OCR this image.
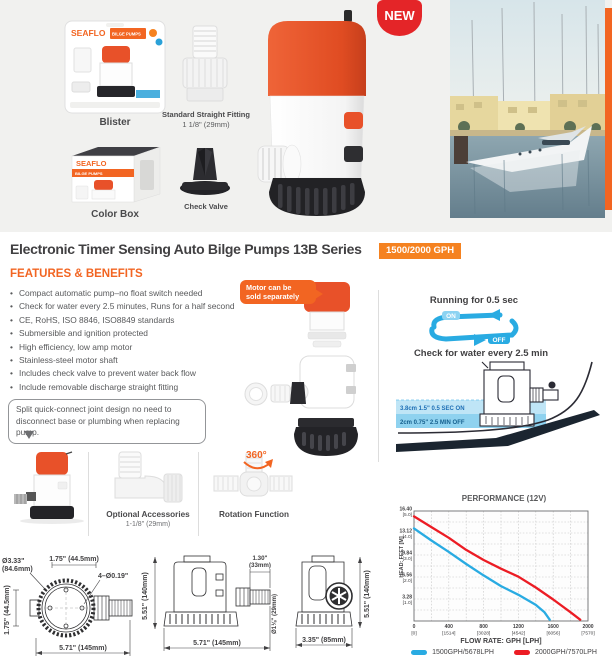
SEAFLO BILGE PUMPS
Blister
SEAFLO
BILGE PUMPS
Color Box
Standard Straight Fitting
1 1/8" (29mm)
Check Valve
NEW
Electronic Timer Sensing Auto Bilge Pumps 13B Series	1500/2000 GPH
FEATURES & BENEFITS
• Compact automatic pump–no float switch needed
• Check for water every 2.5 minutes, Runs for a half second
• CE, RoHS, ISO 8846, ISO8849 standards
• Submersible and ignition protected
• High efficiency, low amp motor
• Stainless-steel motor shaft
• Includes check valve to prevent water back flow
• Include removable discharge straight fitting
Split quick-connect joint design no need to disconnect base or plumbing when replacing pump.
Motor can be
sold separately	Running for 0.5 sec
ON
OFF
Check for water every 2.5 min
3.8cm 1.5" 0.5 SEC ON
2cm 0.75" 2.5 MIN OFF
Optional Accessories
1-1/8" (29mm)
360°
Rotation Function
Ø3.33"
(84.6mm)
1.75" (44.5mm)
4–Ø0.19"
1.75" (44.5mm)
5.71" (145mm)
5.51" (140mm)
1.30"
(33mm)
Ø1⅛" (29mm)
5.71" (145mm)
5.51" (140mm)
3.35" (85mm)
PERFORMANCE (12V)
3.28
[1.0]
6.56
[2.0]
9.84
[3.0]
13.12
[4.0]
16.40
[5.0]
0
[0]
400
[1514]
800
[3028]
1200
[4542]
1600
[6056]
2000
[7570]
HEAD: FEET [M]
FLOW RATE: GPH [LPH]
1500GPH/5678LPH	2000GPH/7570LPH
